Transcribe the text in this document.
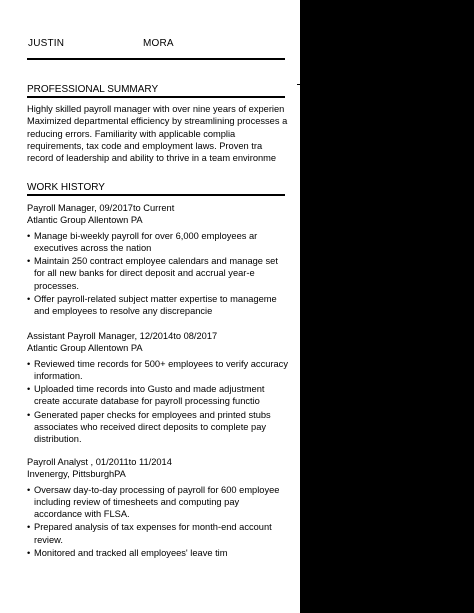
JUSTIN	MORA
PROFESSIONAL SUMMARY
Highly skilled payroll manager with over nine years of experien
Maximized departmental efficiency by streamlining processes a
reducing errors. Familiarity with applicable complia
requirements, tax code and employment laws. Proven tra
record of leadership and ability to thrive in a team environme
WORK HISTORY
Payroll Manager, 09/2017to Current
Atlantic Group Allentown PA
• Manage bi-weekly payroll for over 6,000 employees ar
executives across the nation
• Maintain 250 contract employee calendars and manage set
for all new banks for direct deposit and accrual year-e
processes.
• Offer payroll-related subject matter expertise to manageme
and employees to resolve any discrepancie
Assistant Payroll Manager, 12/2014to 08/2017
Atlantic Group Allentown PA
• Reviewed time records for 500+ employees to verify accuracy
information.
• Uploaded time records into Gusto and made adjustment
create accurate database for payroll processing functio
• Generated paper checks for employees and printed stubs
associates who received direct deposits to complete pay
distribution.
Payroll Analyst , 01/2011to 11/2014
Invenergy, PittsburghPA
• Oversaw day-to-day processing of payroll for 600 employee
including review of timesheets and computing pay
accordance with FLSA.
• Prepared analysis of tax expenses for month-end account
review.
• Monitored and tracked all employees' leave tim
